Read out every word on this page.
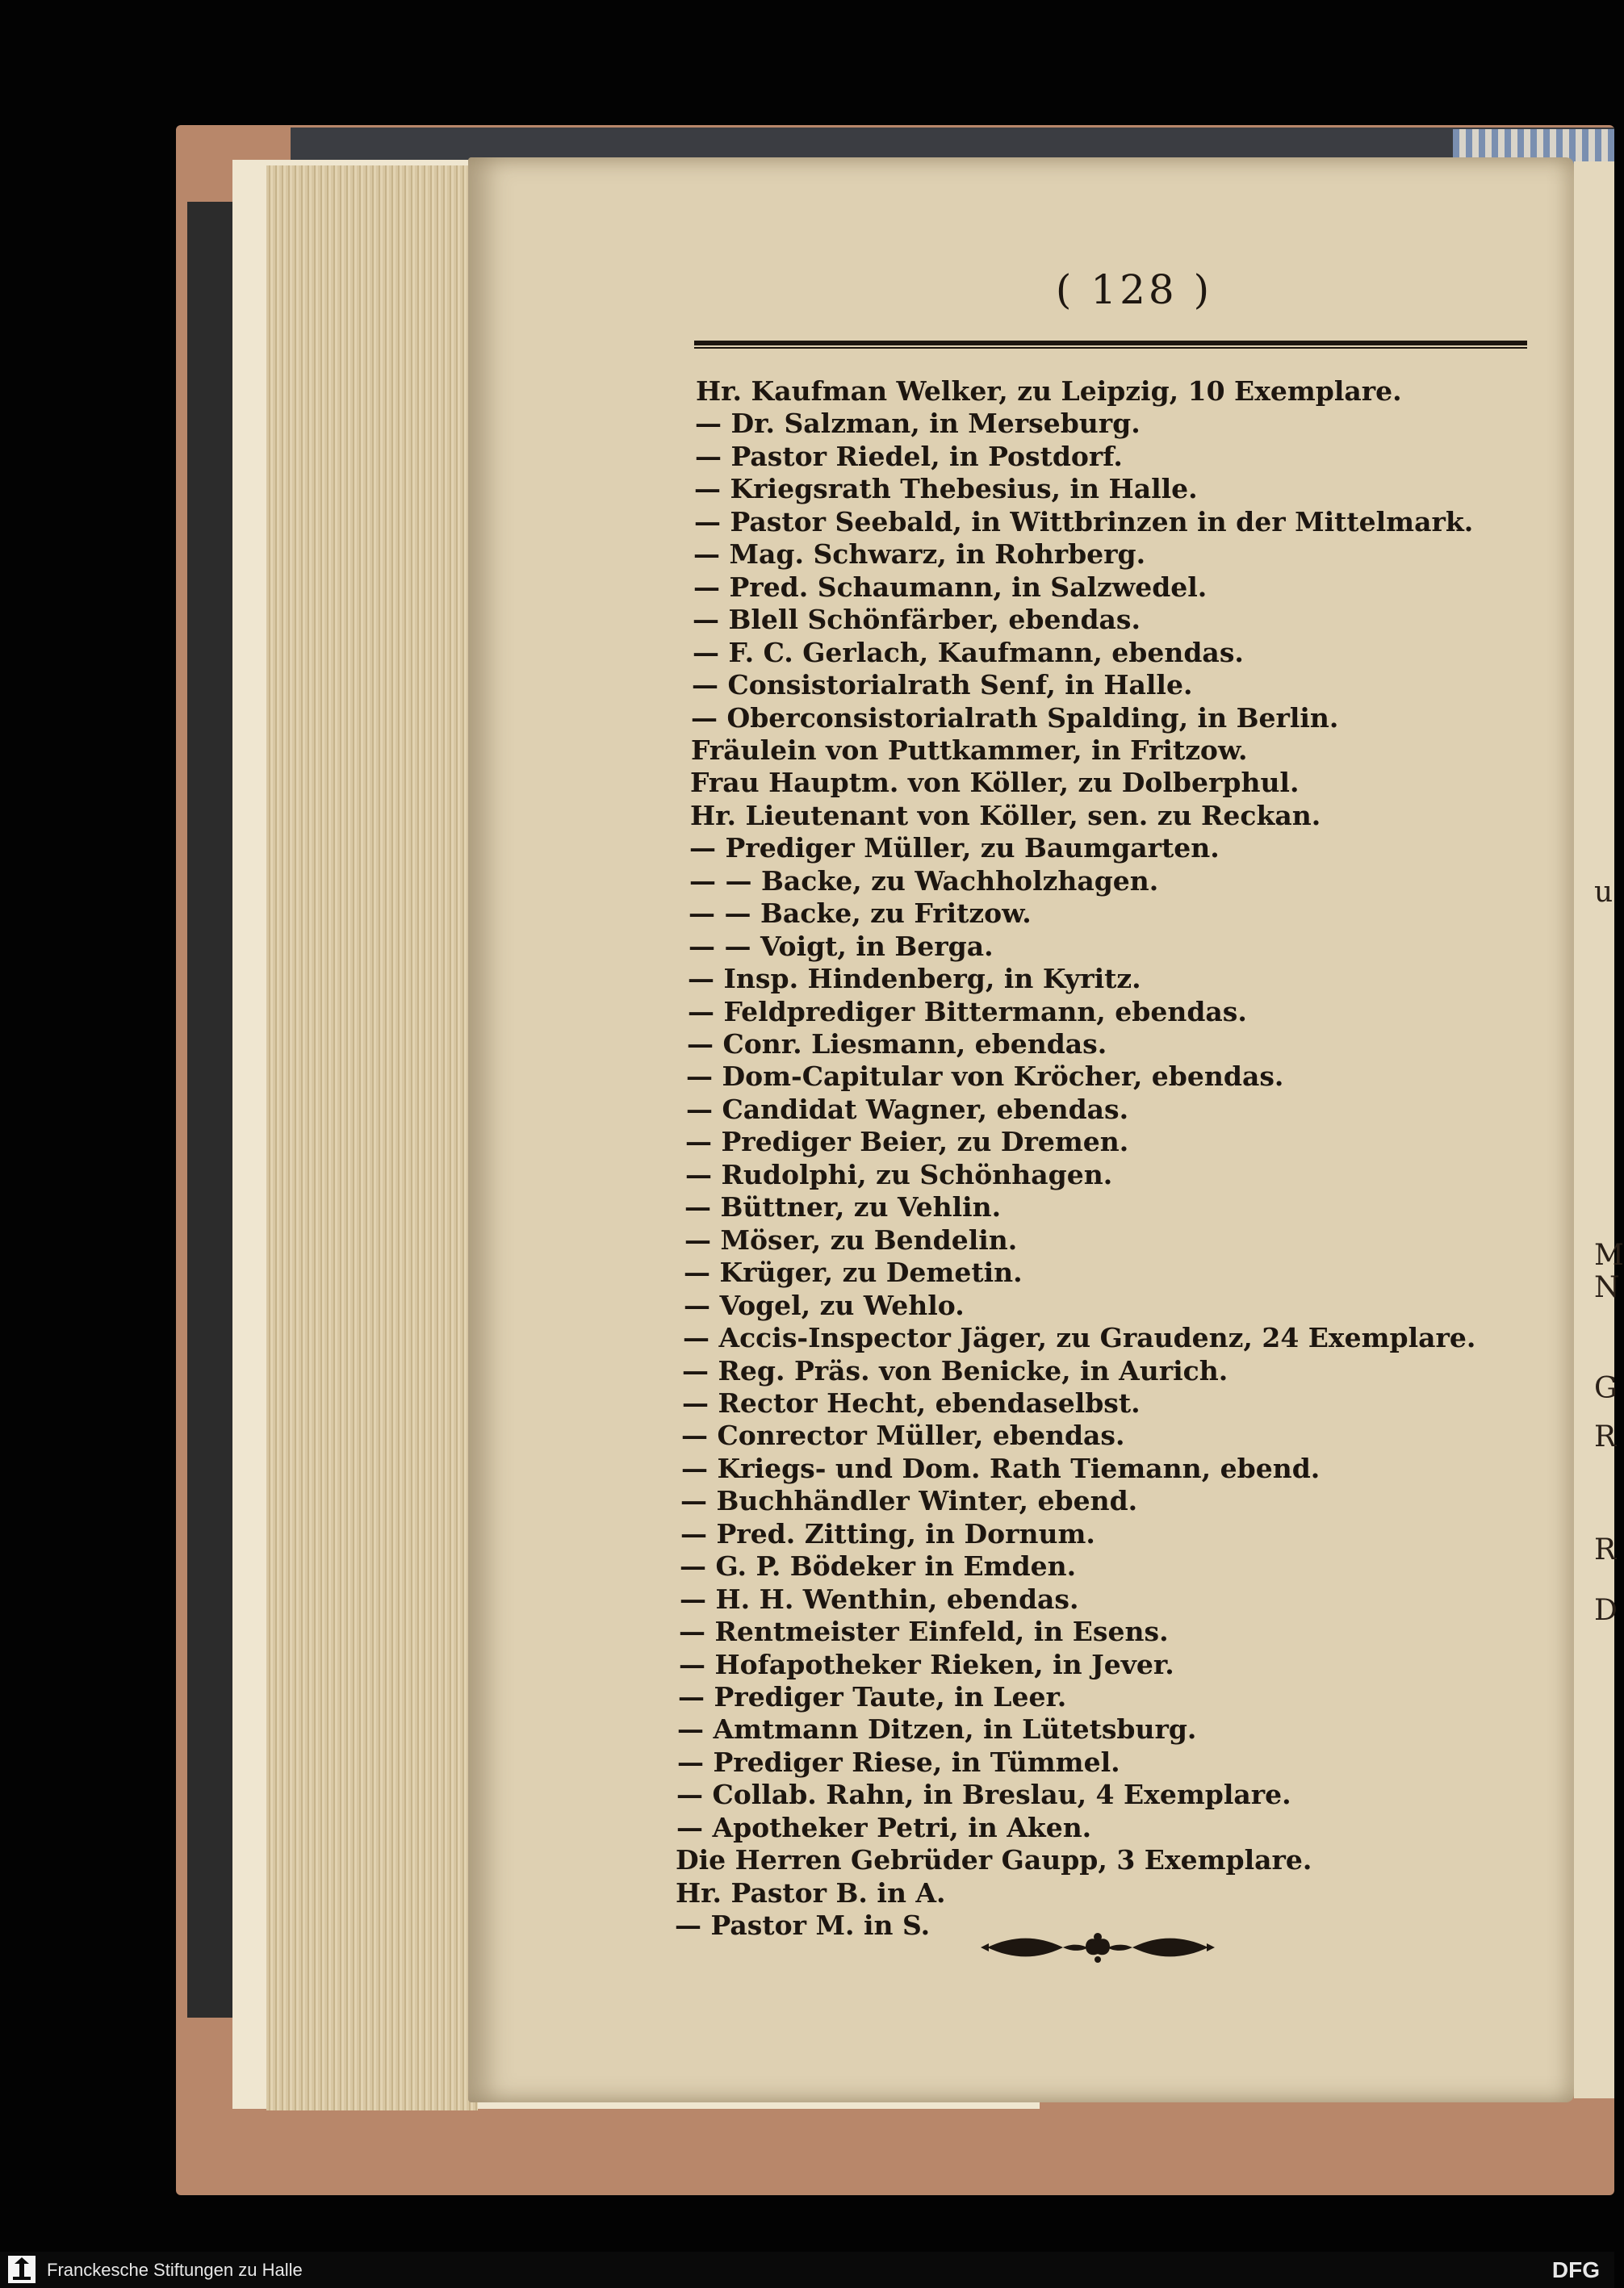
u
M
N
G
R
R
D
( 128 )
Hr. Kaufman Welker, zu Leipzig, 10 Exemplare.
— Dr. Salzman, in Merseburg.
— Pastor Riedel, in Postdorf.
— Kriegsrath Thebesius, in Halle.
— Pastor Seebald, in Wittbrinzen in der Mittelmark.
— Mag. Schwarz, in Rohrberg.
— Pred. Schaumann, in Salzwedel.
— Blell Schönfärber, ebendas.
— F. C. Gerlach, Kaufmann, ebendas.
— Consistorialrath Senf, in Halle.
— Oberconsistorialrath Spalding, in Berlin.
Fräulein von Puttkammer, in Fritzow.
Frau Hauptm. von Köller, zu Dolberphul.
Hr. Lieutenant von Köller, sen. zu Reckan.
— Prediger Müller, zu Baumgarten.
— — Backe, zu Wachholzhagen.
— — Backe, zu Fritzow.
— — Voigt, in Berga.
— Insp. Hindenberg, in Kyritz.
— Feldprediger Bittermann, ebendas.
— Conr. Liesmann, ebendas.
— Dom-Capitular von Kröcher, ebendas.
— Candidat Wagner, ebendas.
— Prediger Beier, zu Dremen.
— Rudolphi, zu Schönhagen.
— Büttner, zu Vehlin.
— Möser, zu Bendelin.
— Krüger, zu Demetin.
— Vogel, zu Wehlo.
— Accis-Inspector Jäger, zu Graudenz, 24 Exemplare.
— Reg. Präs. von Benicke, in Aurich.
— Rector Hecht, ebendaselbst.
— Conrector Müller, ebendas.
— Kriegs- und Dom. Rath Tiemann, ebend.
— Buchhändler Winter, ebend.
— Pred. Zitting, in Dornum.
— G. P. Bödeker in Emden.
— H. H. Wenthin, ebendas.
— Rentmeister Einfeld, in Esens.
— Hofapotheker Rieken, in Jever.
— Prediger Taute, in Leer.
— Amtmann Ditzen, in Lütetsburg.
— Prediger Riese, in Tümmel.
— Collab. Rahn, in Breslau, 4 Exemplare.
— Apotheker Petri, in Aken.
Die Herren Gebrüder Gaupp, 3 Exemplare.
Hr. Pastor B. in A.
— Pastor M. in S.
Franckesche Stiftungen zu Halle	DFG
